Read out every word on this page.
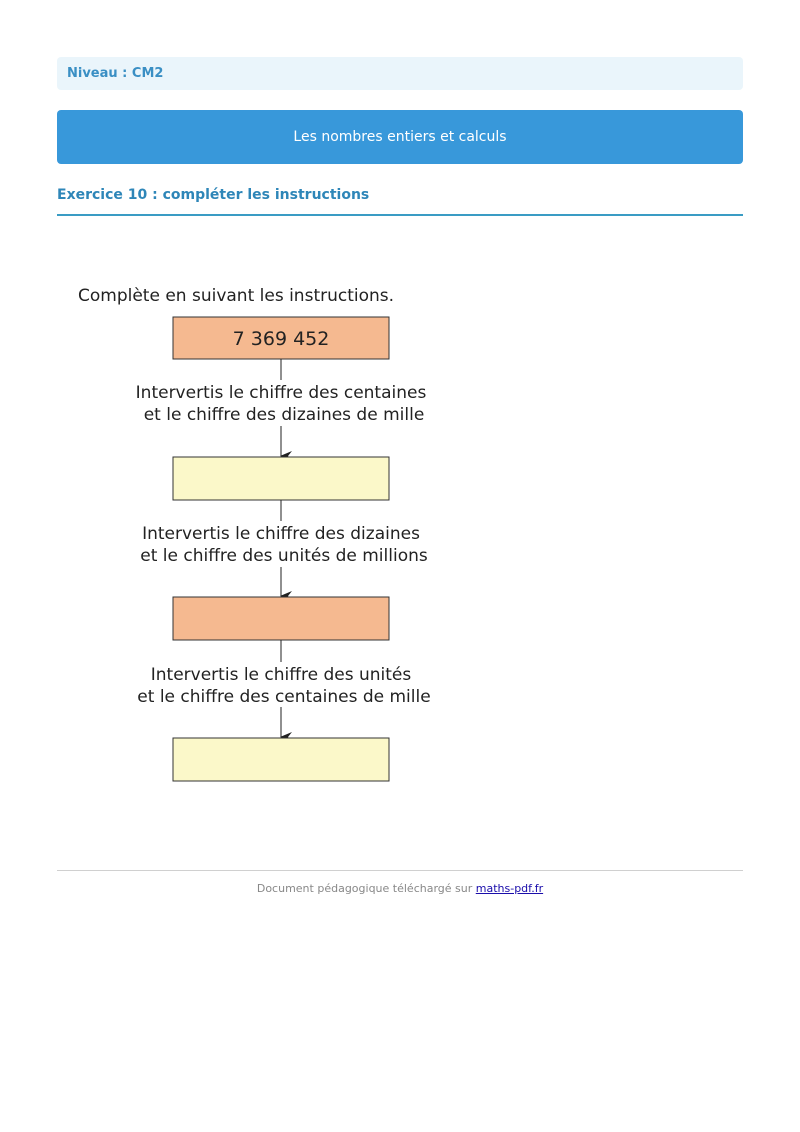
Niveau : CM2
Les nombres entiers et calculs
Exercice 10 : compléter les instructions
Complète en suivant les instructions.
7 369 452
Intervertis le chiffre des centaines
et le chiffre des dizaines de mille
Intervertis le chiffre des dizaines
et le chiffre des unités de millions
Intervertis le chiffre des unités
et le chiffre des centaines de mille
Document pédagogique téléchargé sur maths-pdf.fr
